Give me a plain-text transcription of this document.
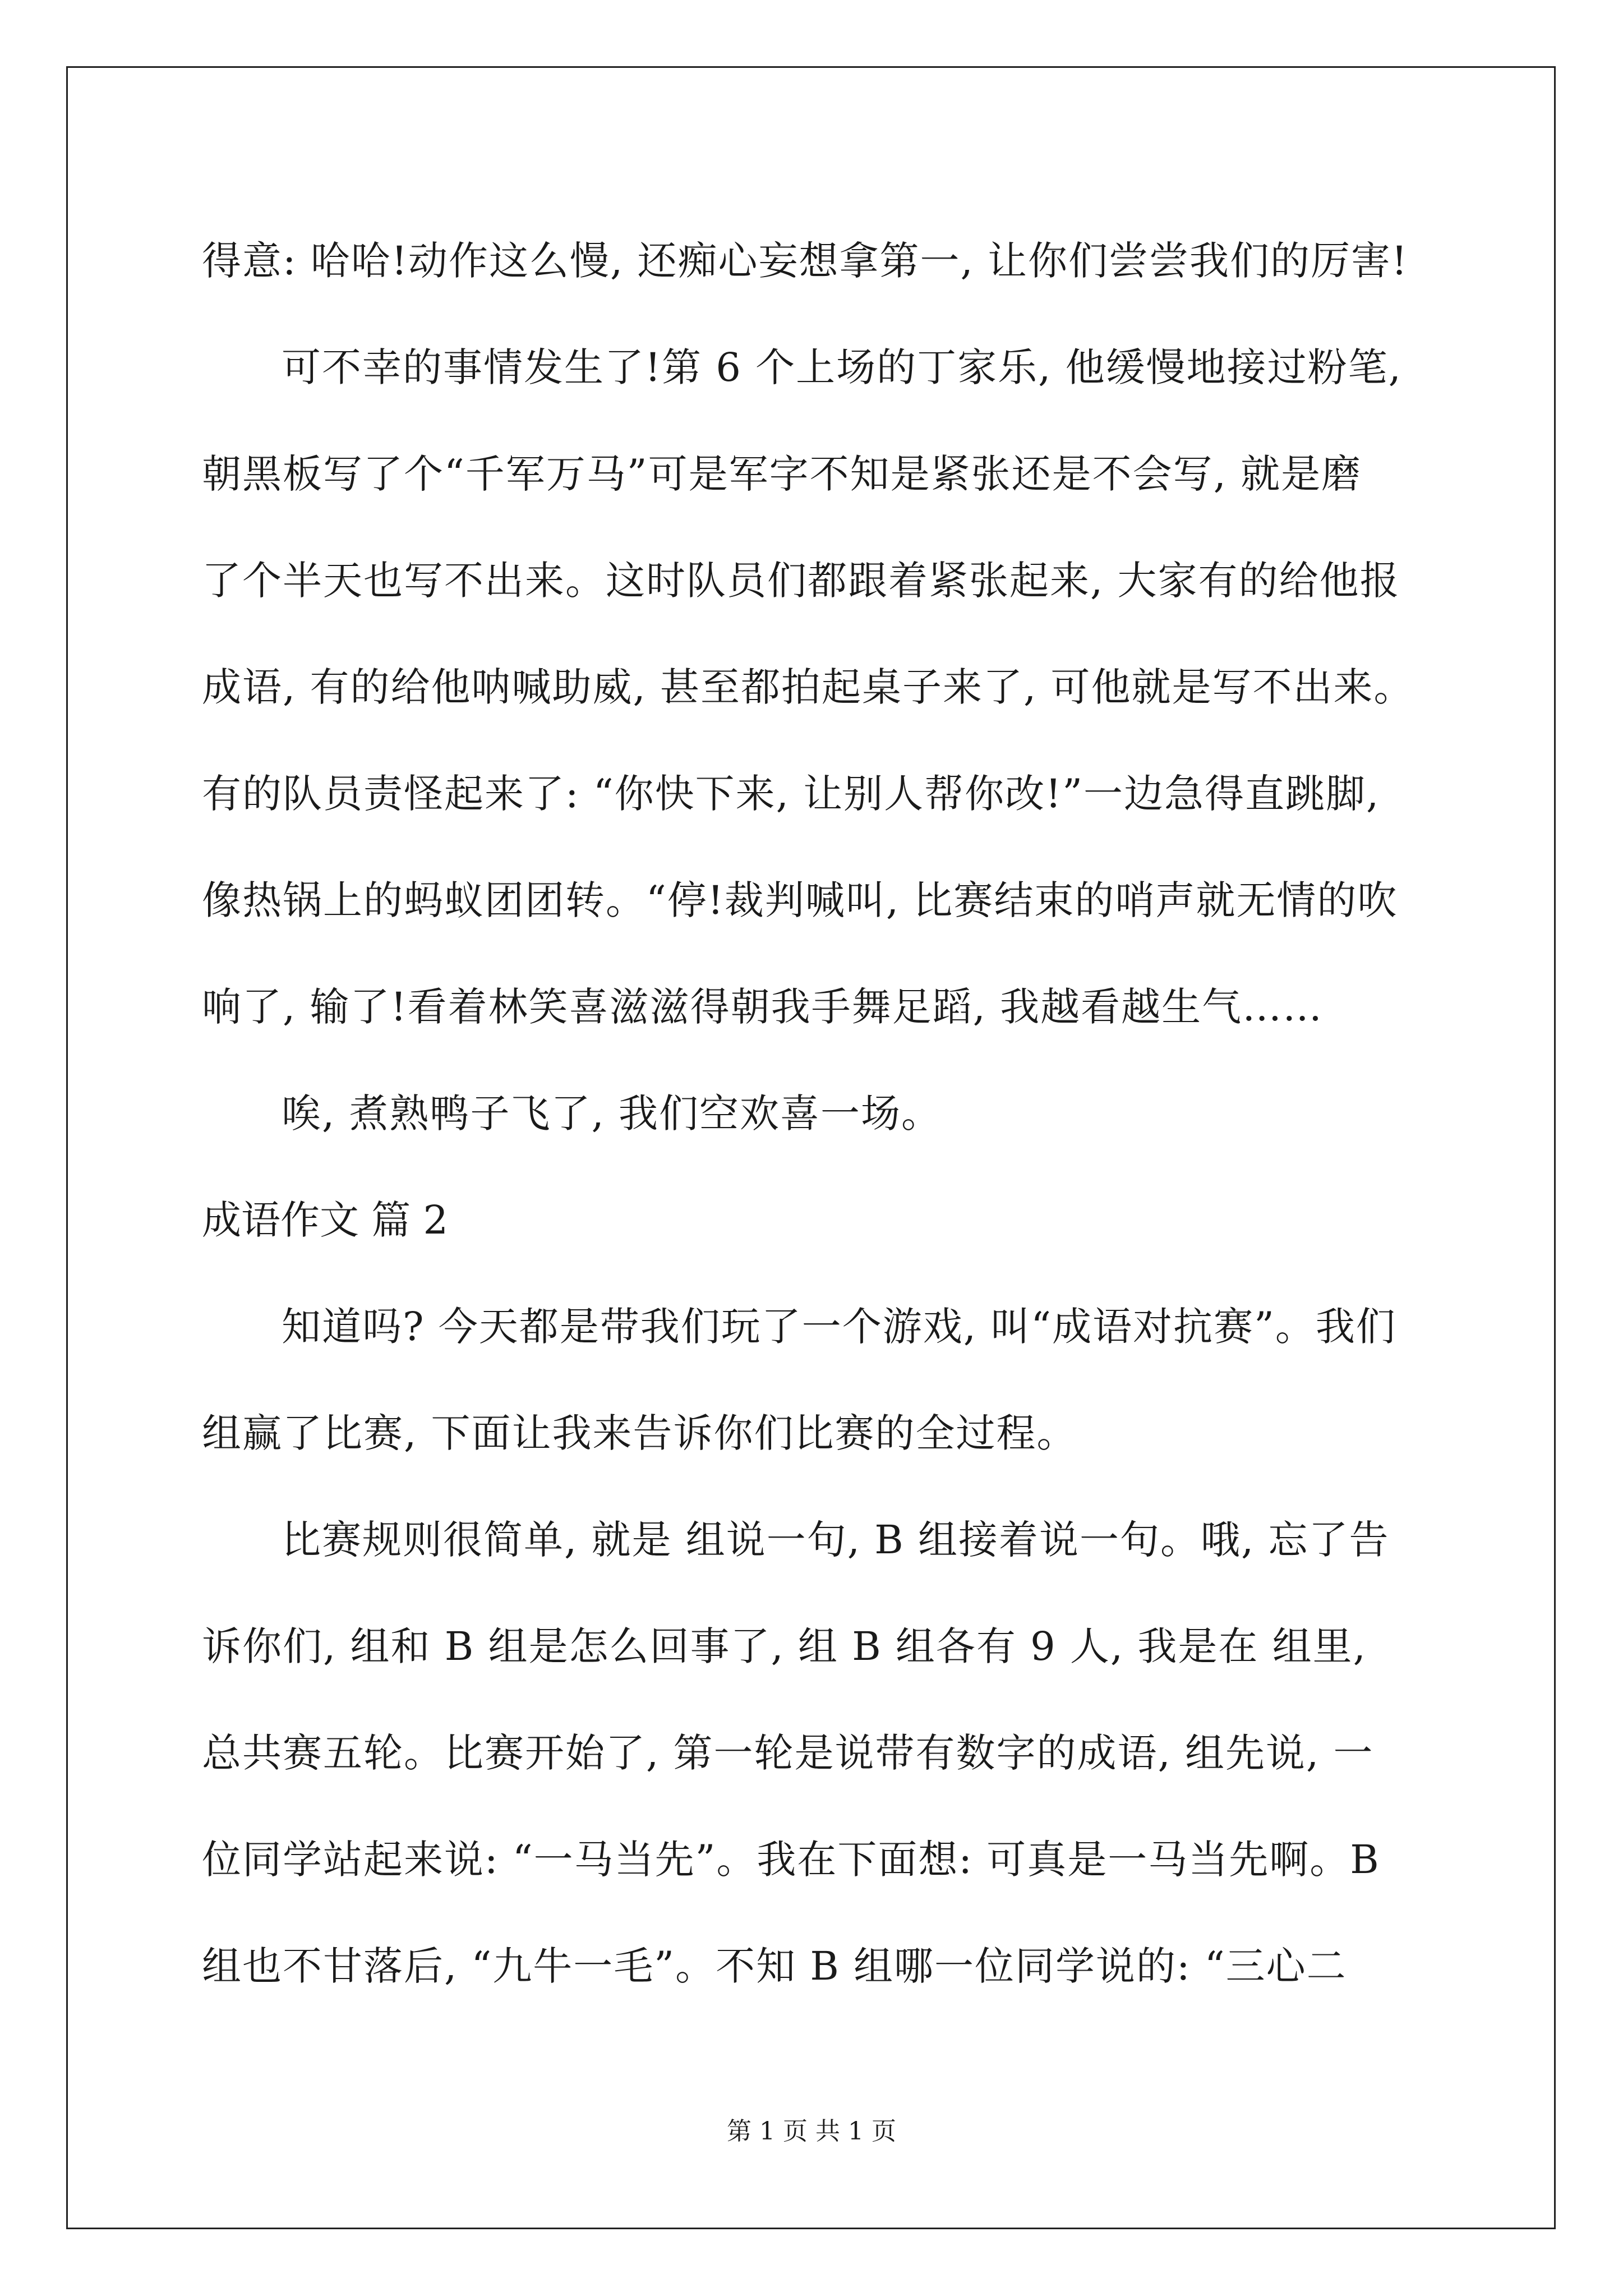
得意: 哈哈!动作这么慢, 还痴心妄想拿第一, 让你们尝尝我们的厉害!
可不幸的事情发生了!第 6 个上场的丁家乐, 他缓慢地接过粉笔,
朝黑板写了个“千军万马”可是军字不知是紧张还是不会写, 就是磨
了个半天也写不出来。这时队员们都跟着紧张起来, 大家有的给他报
成语, 有的给他呐喊助威, 甚至都拍起桌子来了, 可他就是写不出来。
有的队员责怪起来了: “你快下来, 让别人帮你改!”一边急得直跳脚,
像热锅上的蚂蚁团团转。“停!裁判喊叫, 比赛结束的哨声就无情的吹
响了, 输了!看着林笑喜滋滋得朝我手舞足蹈, 我越看越生气……
唉, 煮熟鸭子飞了, 我们空欢喜一场。
成语作文 篇 2
知道吗? 今天都是带我们玩了一个游戏, 叫“成语对抗赛”。我们
组赢了比赛, 下面让我来告诉你们比赛的全过程。
比赛规则很简单, 就是 组说一句, B 组接着说一句。哦, 忘了告
诉你们, 组和 B 组是怎么回事了, 组 B 组各有 9 人, 我是在 组里,
总共赛五轮。比赛开始了, 第一轮是说带有数字的成语, 组先说, 一
位同学站起来说: “一马当先”。我在下面想: 可真是一马当先啊。B
组也不甘落后, “九牛一毛”。不知 B 组哪一位同学说的: “三心二
第 1 页 共 1 页
